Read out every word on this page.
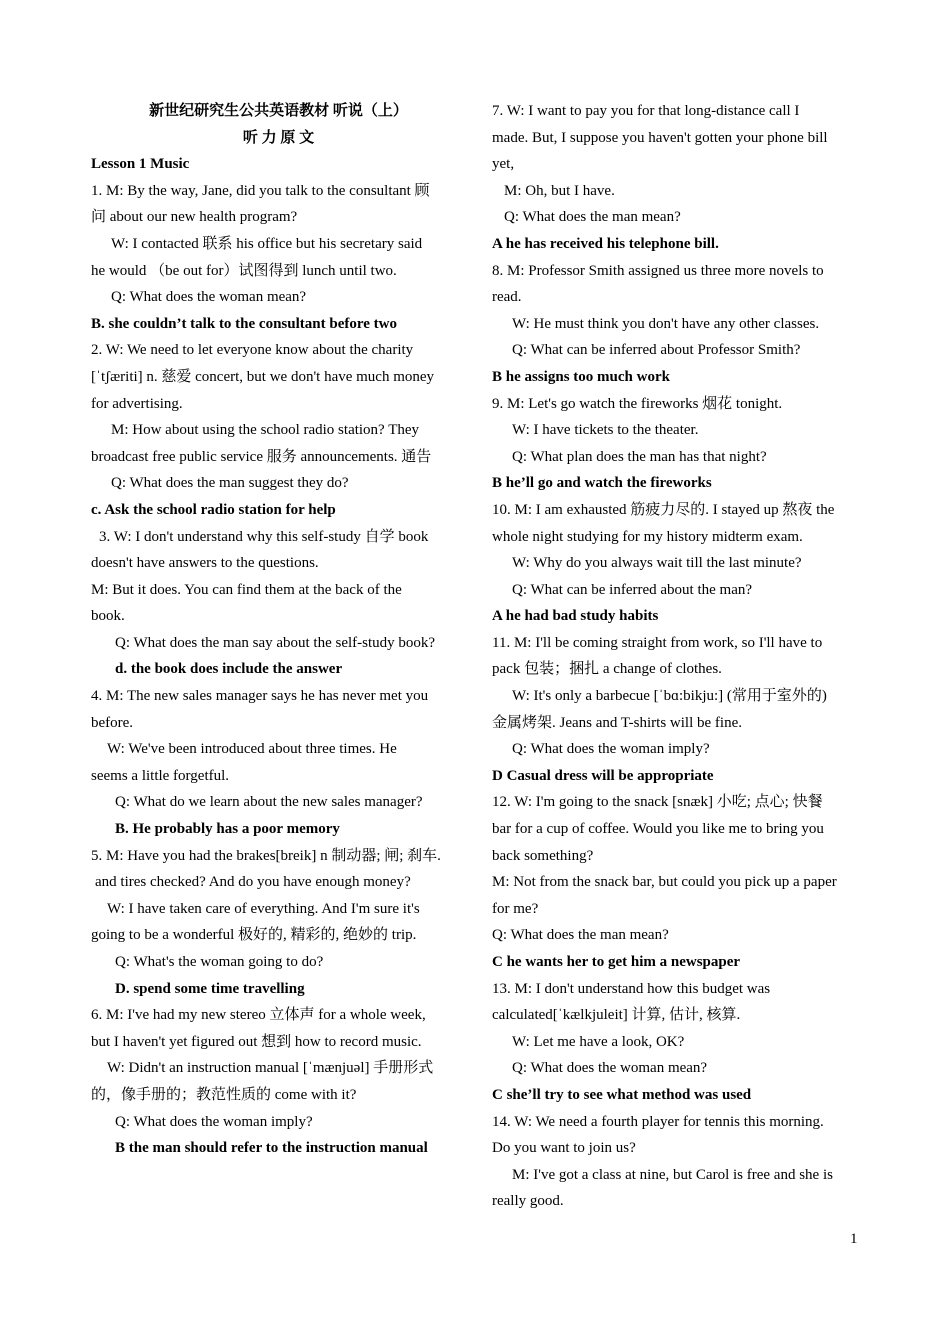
新世纪研究生公共英语教材 听说（上）

听 力 原 文

Lesson 1 Music

1. M: By the way, Jane, did you talk to the consultant 顾

问 about our new health program?

W: I contacted 联系 his office but his secretary said

he would （be out for）试图得到 lunch until two.

Q: What does the woman mean?

B. she couldn’t talk to the consultant before two

2. W: We need to let everyone know about the charity

[ˈtʃæriti] n. 慈爱 concert, but we don't have much money

for advertising.

M: How about using the school radio station? They

broadcast free public service 服务 announcements. 通告

Q: What does the man suggest they do?

c. Ask the school radio station for help

3. W: I don't understand why this self-study 自学 book

doesn't have answers to the questions.

M: But it does. You can find them at the back of the

book.

Q: What does the man say about the self-study book?

d. the book does include the answer

4. M: The new sales manager says he has never met you

before.

W: We've been introduced about three times. He

seems a little forgetful.

Q: What do we learn about the new sales manager?

B. He probably has a poor memory

5. M: Have you had the brakes[breik] n 制动器; 闸; 刹车.

and tires checked? And do you have enough money?

W: I have taken care of everything. And I'm sure it's

going to be a wonderful 极好的, 精彩的, 绝妙的 trip.

Q: What's the woman going to do?

D. spend some time travelling

6. M: I've had my new stereo 立体声 for a whole week,

but I haven't yet figured out 想到 how to record music.

W: Didn't an instruction manual [ˈmænjuəl] 手册形式

的，像手册的；教范性质的 come with it?

Q: What does the woman imply?

B the man should refer to the instruction manual

7. W: I want to pay you for that long-distance call I

made. But, I suppose you haven't gotten your phone bill

yet,

M: Oh, but I have.

Q: What does the man mean?

A he has received his telephone bill.

8. M: Professor Smith assigned us three more novels to

read.

W: He must think you don't have any other classes.

Q: What can be inferred about Professor Smith?

B he assigns too much work

9. M: Let's go watch the fireworks 烟花 tonight.

W: I have tickets to the theater.

Q: What plan does the man has that night?

B he’ll go and watch the fireworks

10. M: I am exhausted 筋疲力尽的. I stayed up 熬夜 the

whole night studying for my history midterm exam.

W: Why do you always wait till the last minute?

Q: What can be inferred about the man?

A he had bad study habits

11. M: I'll be coming straight from work, so I'll have to

pack 包装；捆扎 a change of clothes.

W: It's only a barbecue [ˈbɑ:bikju:] (常用于室外的)

金属烤架. Jeans and T-shirts will be fine.

Q: What does the woman imply?

D Casual dress will be appropriate

12. W: I'm going to the snack [snæk] 小吃; 点心; 快餐

bar for a cup of coffee. Would you like me to bring you

back something?

M: Not from the snack bar, but could you pick up a paper

for me?

Q: What does the man mean?

C he wants her to get him a newspaper

13. M: I don't understand how this budget was

calculated[ˈkælkjuleit] 计算, 估计, 核算.

W: Let me have a look, OK?

Q: What does the woman mean?

C she’ll try to see what method was used

14. W: We need a fourth player for tennis this morning.

Do you want to join us?

M: I've got a class at nine, but Carol is free and she is

really good.

1
